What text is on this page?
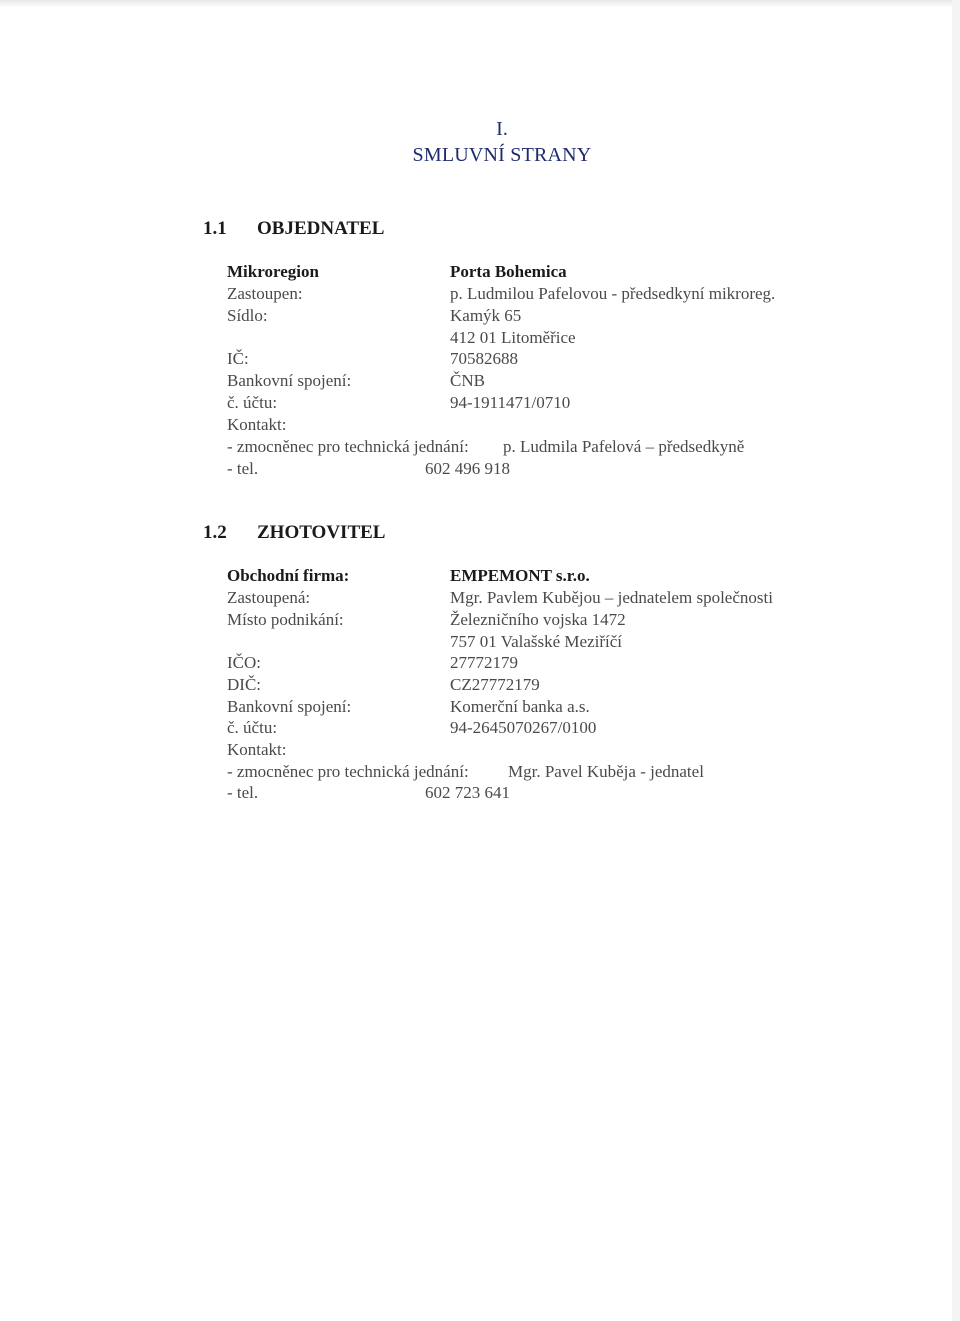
I.
SMLUVNÍ STRANY
1.1 OBJEDNATEL
Mikroregion	Porta Bohemica
Zastoupen:	p. Ludmilou Pafelovou - předsedkyní mikroreg.
Sídlo:	Kamýk 65
412 01 Litoměřice
IČ:	70582688
Bankovní spojení:	ČNB
č. účtu:	94-1911471/0710
Kontakt:
- zmocněnec pro technická jednání: p. Ludmila Pafelová – předsedkyně
- tel.	602 496 918
1.2 ZHOTOVITEL
Obchodní firma:	EMPEMONT s.r.o.
Zastoupená:	Mgr. Pavlem Kubějou – jednatelem společnosti
Místo podnikání:	Železničního vojska 1472
757 01 Valašské Meziříčí
IČO:	27772179
DIČ:	CZ27772179
Bankovní spojení:	Komerční banka a.s.
č. účtu:	94-2645070267/0100
Kontakt:
- zmocněnec pro technická jednání: Mgr. Pavel Kuběja - jednatel
- tel.	602 723 641
